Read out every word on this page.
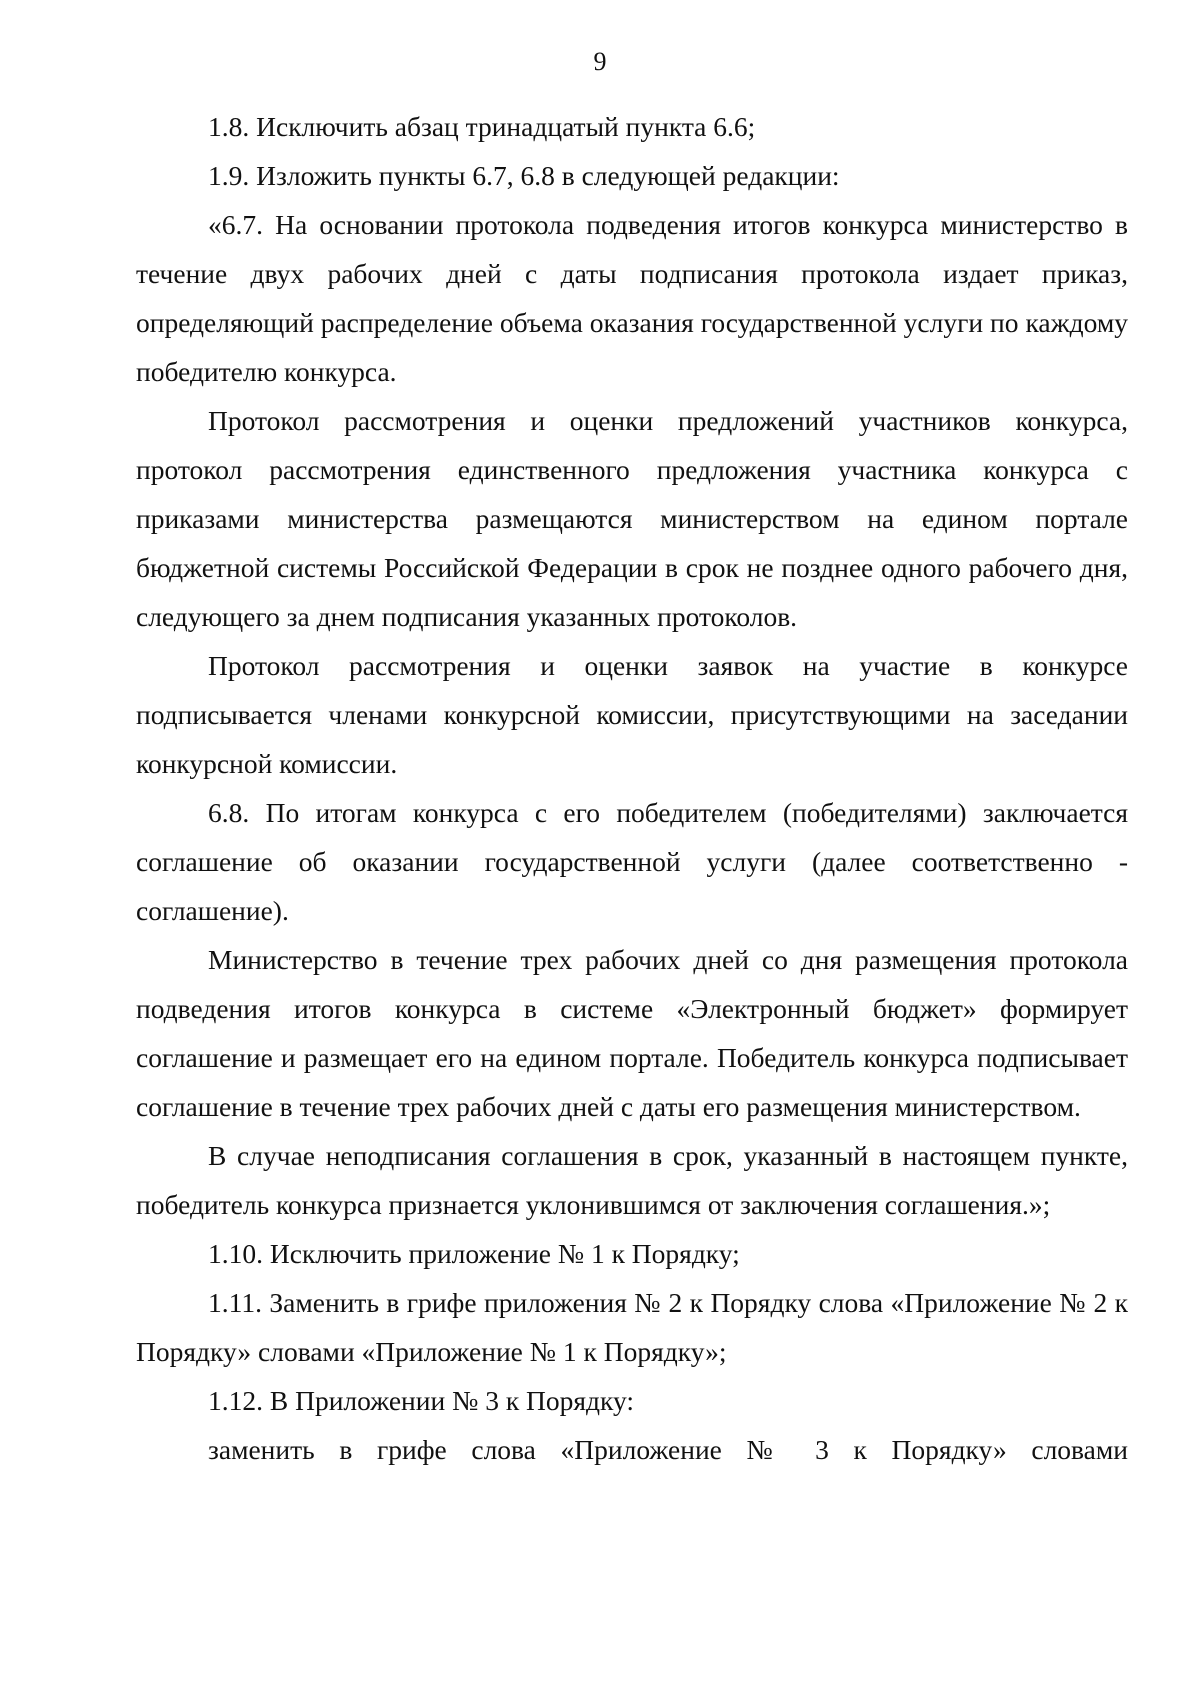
9

1.8. Исключить абзац тринадцатый пункта 6.6;

1.9. Изложить пункты 6.7, 6.8 в следующей редакции:

«6.7. На основании протокола подведения итогов конкурса министерство в течение двух рабочих дней с даты подписания протокола издает приказ, определяющий распределение объема оказания государственной услуги по каждому победителю конкурса.

Протокол рассмотрения и оценки предложений участников конкурса, протокол рассмотрения единственного предложения участника конкурса с приказами министерства размещаются министерством на едином портале бюджетной системы Российской Федерации в срок не позднее одного рабочего дня, следующего за днем подписания указанных протоколов.

Протокол рассмотрения и оценки заявок на участие в конкурсе подписывается членами конкурсной комиссии, присутствующими на заседании конкурсной комиссии.

6.8. По итогам конкурса с его победителем (победителями) заключается соглашение об оказании государственной услуги (далее соответственно - соглашение).

Министерство в течение трех рабочих дней со дня размещения протокола подведения итогов конкурса в системе «Электронный бюджет» формирует соглашение и размещает его на едином портале. Победитель конкурса подписывает соглашение в течение трех рабочих дней с даты его размещения министерством.

В случае неподписания соглашения в срок, указанный в настоящем пункте, победитель конкурса признается уклонившимся от заключения соглашения.»;

1.10. Исключить приложение № 1 к Порядку;

1.11. Заменить в грифе приложения № 2 к Порядку слова «Приложение № 2 к Порядку» словами «Приложение № 1 к Порядку»;

1.12. В Приложении № 3 к Порядку:

заменить в грифе слова «Приложение № 3 к Порядку» словами
